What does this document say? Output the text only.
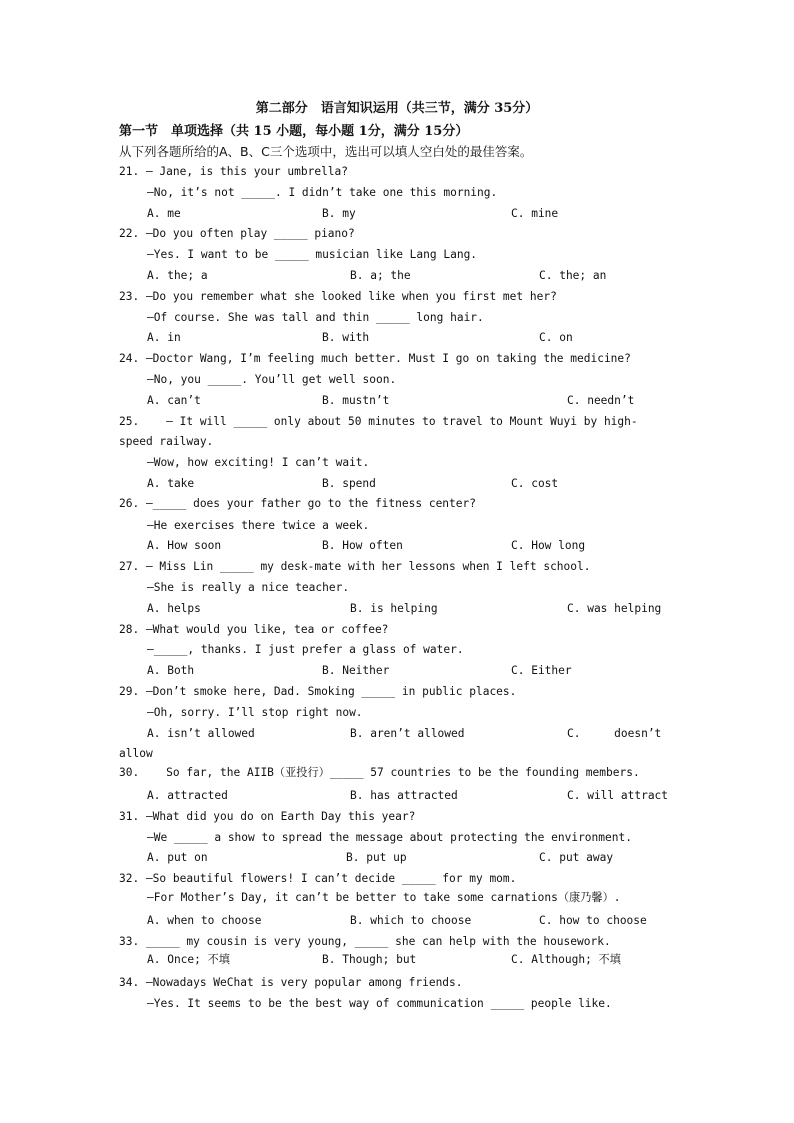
第二部分　语言知识运用（共三节，满分 35分）
第一节　单项选择（共 15 小题，每小题 1分，满分 15分）
从下列各题所给的A、B、C三个选项中，选出可以填人空白处的最佳答案。
21. — Jane, is this your umbrella?
—No, it’s not _____. I didn’t take one this morning.
A. me	B. my	C. mine
22. —Do you often play _____ piano?
—Yes. I want to be _____ musician like Lang Lang.
A. the; a	B. a; the	C. the; an
23. —Do you remember what she looked like when you first met her?
—Of course. She was tall and thin _____ long hair.
A. in	B. with	C. on
24. —Doctor Wang, I’m feeling much better. Must I go on taking the medicine?
—No, you _____. You’ll get well soon.
A. can’t	B. mustn’t	C. needn’t
25.    — It will _____ only about 50 minutes to travel to Mount Wuyi by high-
speed railway.
—Wow, how exciting! I can’t wait.
A. take	B. spend	C. cost
26. —_____ does your father go to the fitness center?
—He exercises there twice a week.
A. How soon	B. How often	C. How long
27. — Miss Lin _____ my desk-mate with her lessons when I left school.
—She is really a nice teacher.
A. helps	B. is helping	C. was helping
28. —What would you like, tea or coffee?
—_____, thanks. I just prefer a glass of water.
A. Both	B. Neither	C. Either
29. —Don’t smoke here, Dad. Smoking _____ in public places.
—Oh, sorry. I’ll stop right now.
A. isn’t allowed	B. aren’t allowed	C.     doesn’t
allow
30.    So far, the AIIB（亚投行）_____ 57 countries to be the founding members.
A. attracted	B. has attracted	C. will attract
31. —What did you do on Earth Day this year?
—We _____ a show to spread the message about protecting the environment.
A. put on	B. put up	C. put away
32. —So beautiful flowers! I can’t decide _____ for my mom.
—For Mother’s Day, it can’t be better to take some carnations（康乃馨）.
A. when to choose	B. which to choose	C. how to choose
33. _____ my cousin is very young, _____ she can help with the housework.
A. Once; 不填	B. Though; but	C. Although; 不填
34. —Nowadays WeChat is very popular among friends.
—Yes. It seems to be the best way of communication _____ people like.
